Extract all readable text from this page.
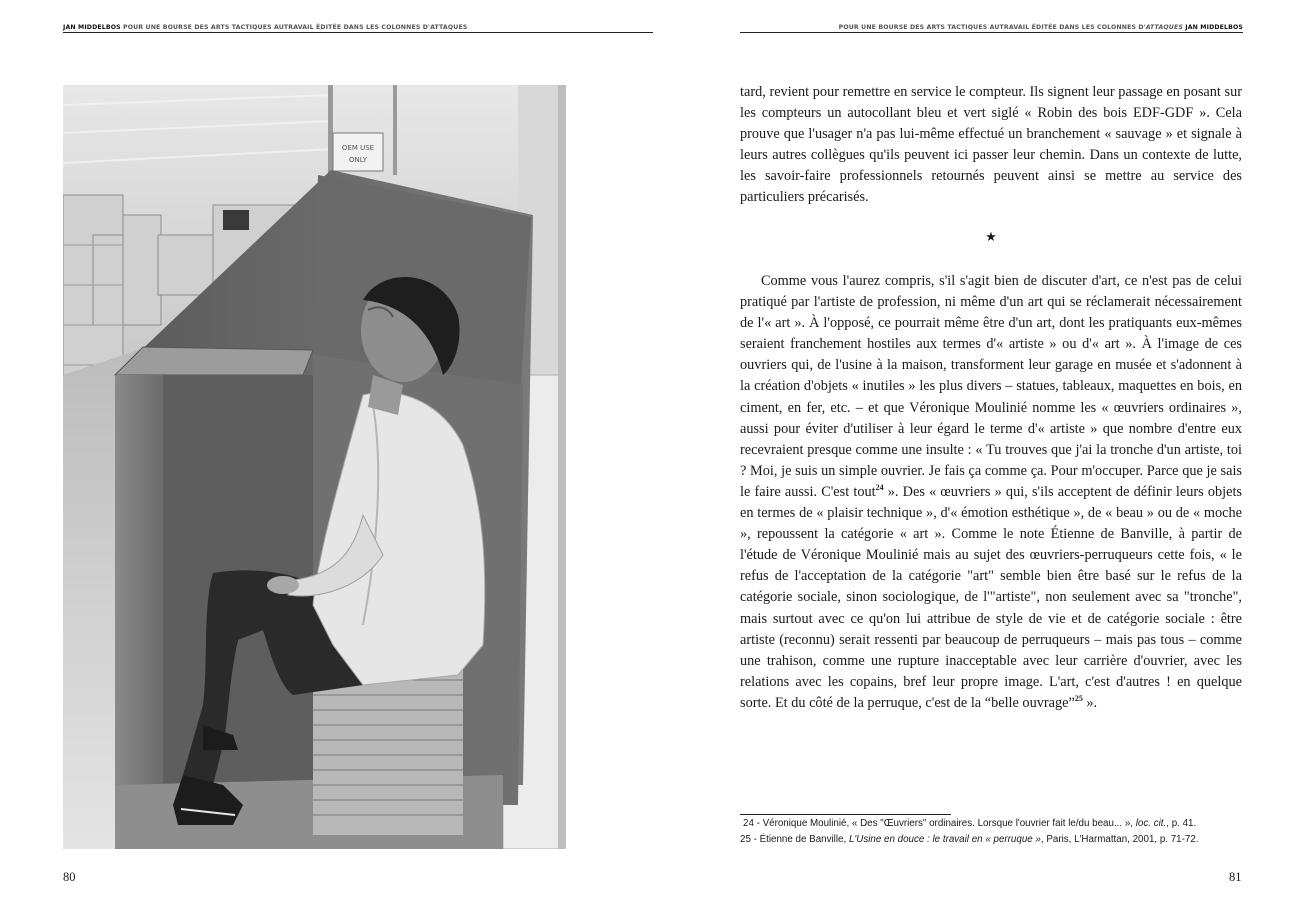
JAN MIDDELBOS POUR UNE BOURSE DES ARTS TACTIQUES AUTRAVAIL ÉDITÉE DANS LES COLONNES D'ATTAQUES
OEM USE
ONLY
80
POUR UNE BOURSE DES ARTS TACTIQUES AUTRAVAIL ÉDITÉE DANS LES COLONNES D'ATTAQUES JAN MIDDELBOS

tard, revient pour remettre en service le compteur. Ils signent leur passage en posant sur les compteurs un autocollant bleu et vert siglé « Robin des bois EDF-GDF ». Cela prouve que l'usager n'a pas lui-même effectué un branchement « sauvage » et signale à leurs autres collègues qu'ils peuvent ici passer leur chemin. Dans un contexte de lutte, les savoir-faire professionnels retournés peuvent ainsi se mettre au service des particuliers précarisés.

★

Comme vous l'aurez compris, s'il s'agit bien de discuter d'art, ce n'est pas de celui pratiqué par l'artiste de profession, ni même d'un art qui se réclamerait nécessairement de l'« art ». À l'opposé, ce pourrait même être d'un art, dont les pratiquants eux-mêmes seraient franchement hostiles aux termes d'« artiste » ou d'« art ». À l'image de ces ouvriers qui, de l'usine à la maison, transforment leur garage en musée et s'adonnent à la création d'objets « inutiles » les plus divers – statues, tableaux, maquettes en bois, en ciment, en fer, etc. – et que Véronique Moulinié nomme les « œuvriers ordinaires », aussi pour éviter d'utiliser à leur égard le terme d'« artiste » que nombre d'entre eux recevraient presque comme une insulte : « Tu trouves que j'ai la tronche d'un artiste, toi ? Moi, je suis un simple ouvrier. Je fais ça comme ça. Pour m'occuper. Parce que je sais le faire aussi. C'est tout$^{24}$ ». Des « œuvriers » qui, s'ils acceptent de définir leurs objets en termes de « plaisir technique », d'« émotion esthétique », de « beau » ou de « moche », repoussent la catégorie « art ». Comme le note Étienne de Banville, à partir de l'étude de Véronique Moulinié mais au sujet des œuvriers-perruqueurs cette fois, « le refus de l'acceptation de la catégorie "art" semble bien être basé sur le refus de la catégorie sociale, sinon sociologique, de l'"artiste", non seulement avec sa "tronche", mais surtout avec ce qu'on lui attribue de style de vie et de catégorie sociale : être artiste (reconnu) serait ressenti par beaucoup de perruqueurs – mais pas tous – comme une trahison, comme une rupture inacceptable avec leur carrière d'ouvrier, avec les relations avec les copains, bref leur propre image. L'art, c'est d'autres ! en quelque sorte. Et du côté de la perruque, c'est de la “belle ouvrage”$^{25}$ ».

24 - Véronique Moulinié, « Des "Œuvriers" ordinaires. Lorsque l'ouvrier fait le/du beau... », loc. cit., p. 41.
25 - Étienne de Banville, L'Usine en douce : le travail en « perruque », Paris, L'Harmattan, 2001, p. 71-72.
81
